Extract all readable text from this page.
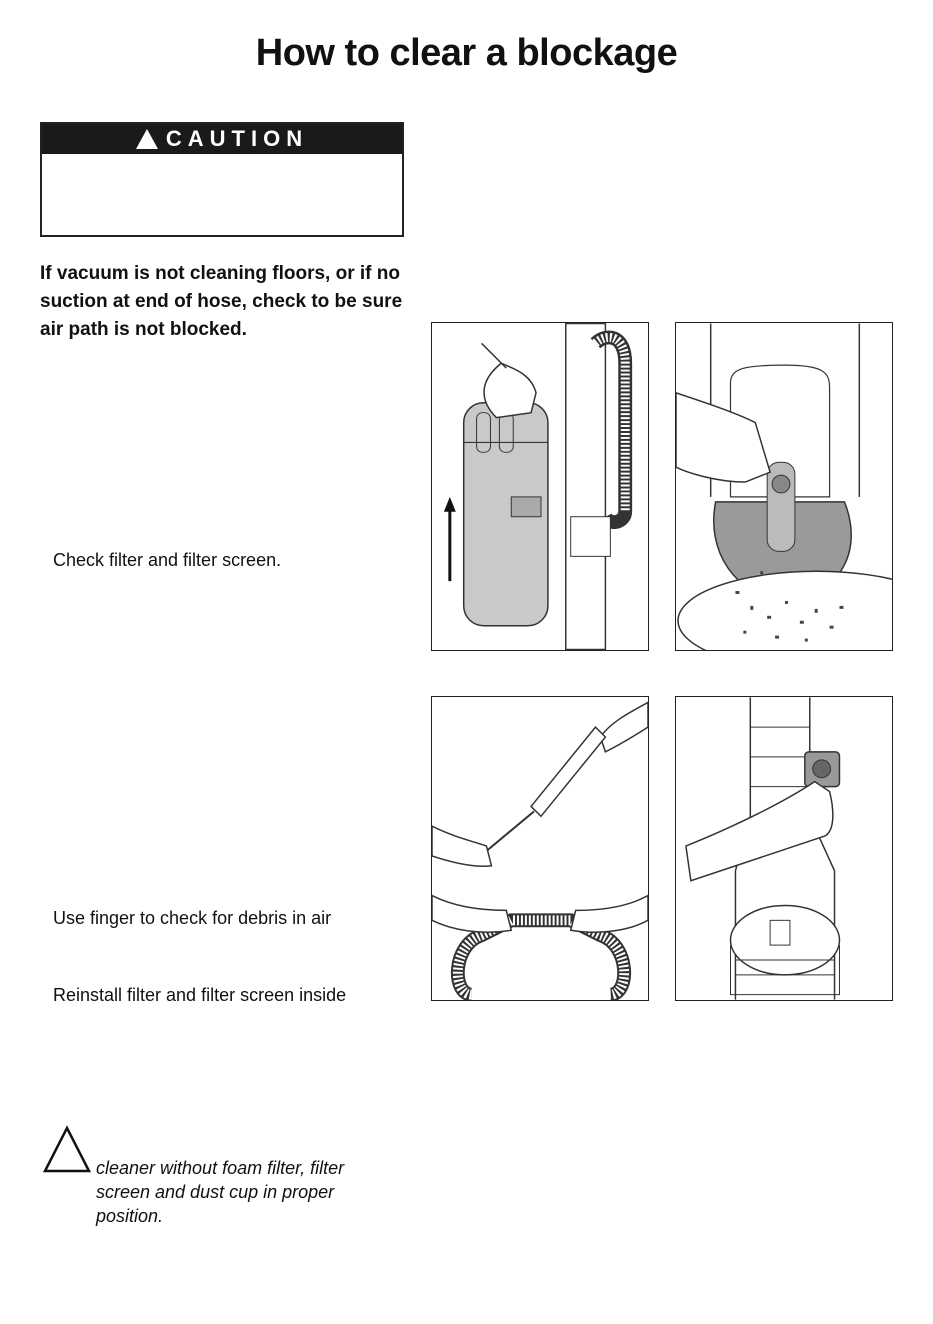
How to clear a blockage
CAUTION
If vacuum is not cleaning floors, or if no suction at end of hose, check to be sure air path is not blocked.
Check filter and filter screen.
Use finger to check for debris in air
Reinstall filter and filter screen inside
cleaner without foam filter, filter screen and dust cup in proper position.
